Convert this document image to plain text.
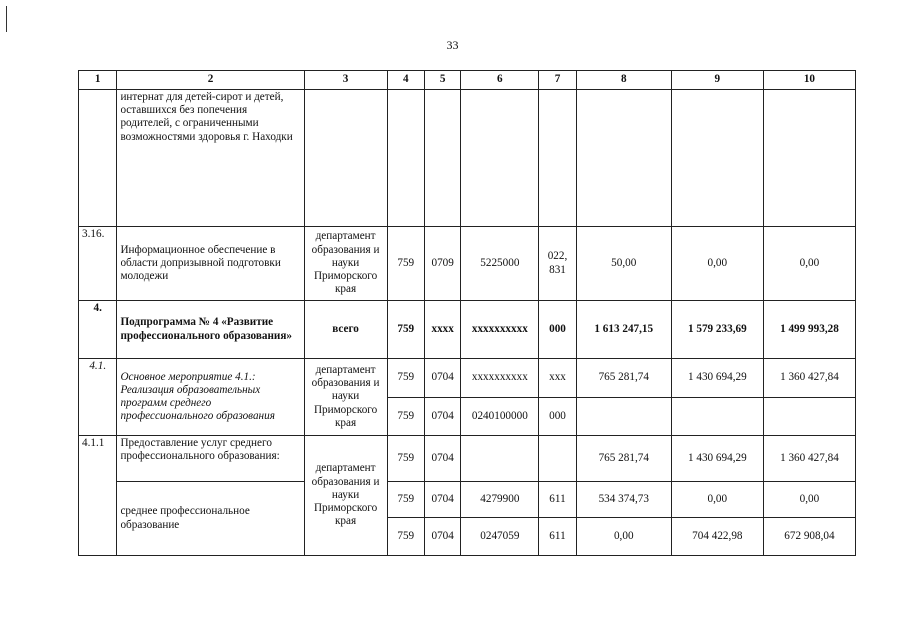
33
1	2	3	4	5	6	7	8	9	10
	интернат для детей-сирот и детей, оставшихся без попечения родителей, с ограниченными возможностями здоровья г. Находки								
3.16.	Информационное обеспечение в области допризывной подготовки молодежи	департамент образования и науки Приморского края	759	0709	5225000	022, 831	50,00	0,00	0,00
4.	Подпрограмма № 4 «Развитие профессионального образования»	всего	759	хххх	хххххххххх	000	1 613 247,15	1 579 233,69	1 499 993,28
4.1.	Основное мероприятие 4.1.: Реализация образовательных программ среднего профессионального образования	департамент образования и науки Приморского края	759	0704	хххххххххх	ххх	765 281,74	1 430 694,29	1 360 427,84
			759	0704	0240100000	000			
4.1.1	Предоставление услуг среднего профессионального образования:	департамент образования и науки Приморского края	759	0704			765 281,74	1 430 694,29	1 360 427,84
	среднее профессиональное образование		759	0704	4279900	611	534 374,73	0,00	0,00
			759	0704	0247059	611	0,00	704 422,98	672 908,04
